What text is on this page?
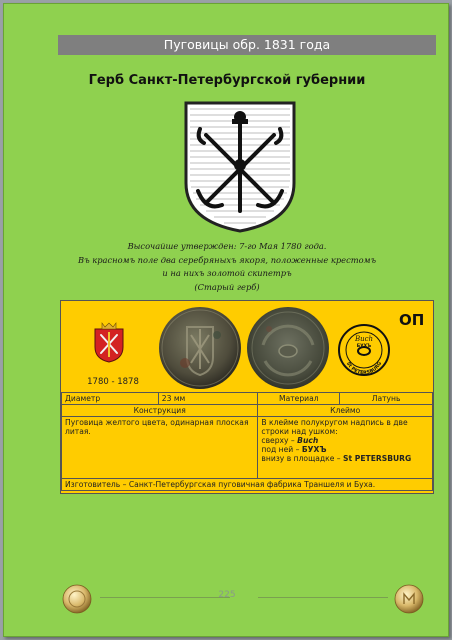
Пуговицы обр. 1831 года
Герб Санкт-Петербургской губернии
Высочайше утвержден: 7-го Мая 1780 года.
Въ красномъ поле два серебряныхъ якоря, положенные крестомъ
и на нихъ золотой скипетръ
(Старый герб)
1780 - 1878
Buch
БУХЪ
St PETERSBURG
ОП
Диаметр	23 мм	Материал	Латунь
Конструкция		Клеймо	
Пуговица желтого цвета, одинарная плоская литая.		В клейме полукругом надпись в две строки над ушком:
сверху – Buch
под ней – БУХЪ
внизу в площадке – St PETERSBURG	

Изготовитель – Санкт-Петербургская пуговичная фабрика Траншеля и Буха.			
225
